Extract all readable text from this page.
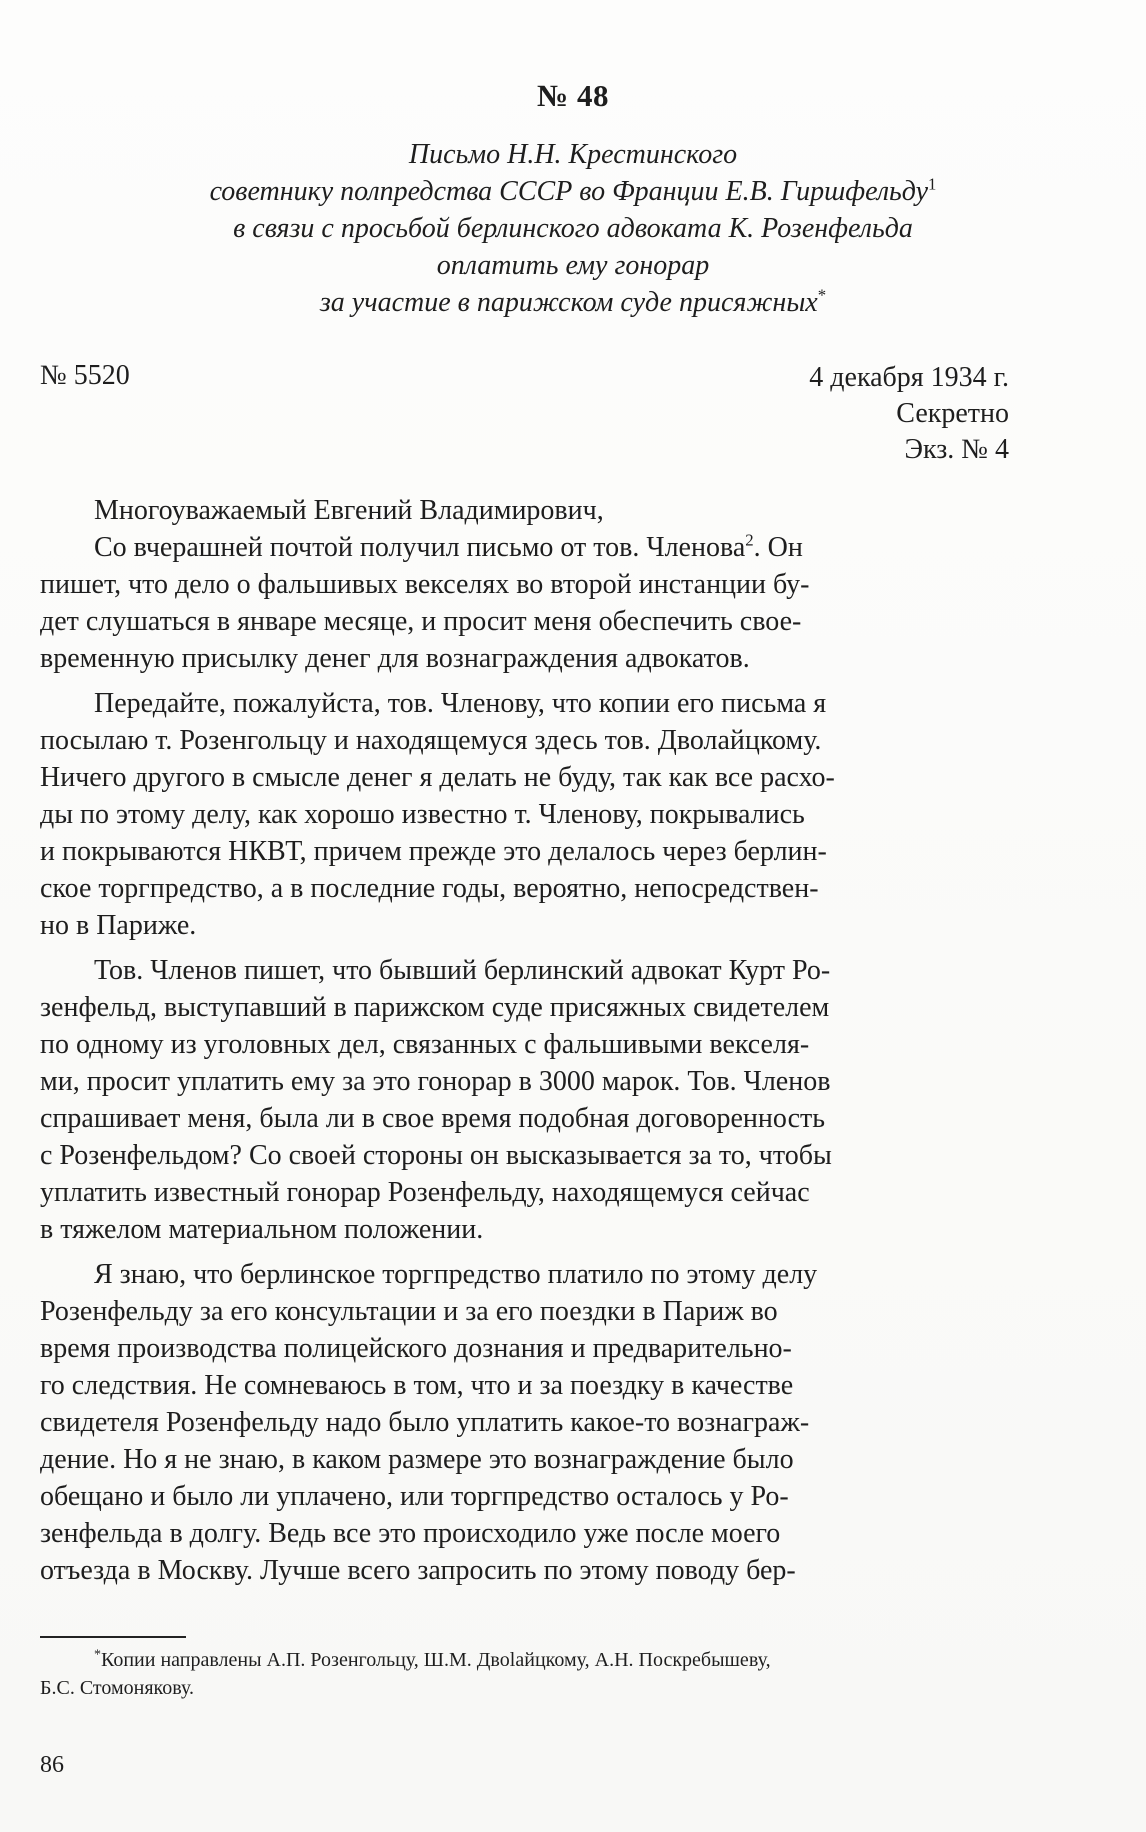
№ 48
Письмо Н.Н. Крестинского
советнику полпредства СССР во Франции Е.В. Гиршфельду$^1$
в связи с просьбой берлинского адвоката К. Розенфельда
оплатить ему гонорар
за участие в парижском суде присяжных*
№ 5520	4 декабря 1934 г.
Секретно
Экз. № 4

Многоуважаемый Евгений Владимирович,

Со вчерашней почтой получил письмо от тов. Членова$^2$. Он
пишет, что дело о фальшивых векселях во второй инстанции бу-
дет слушаться в январе месяце, и просит меня обеспечить свое-
временную присылку денег для вознаграждения адвокатов.

Передайте, пожалуйста, тов. Членову, что копии его письма я
посылаю т. Розенгольцу и находящемуся здесь тов. Дволайцкому.
Ничего другого в смысле денег я делать не буду, так как все расхо-
ды по этому делу, как хорошо известно т. Членову, покрывались
и покрываются НКВТ, причем прежде это делалось через берлин-
ское торгпредство, а в последние годы, вероятно, непосредствен-
но в Париже.

Тов. Членов пишет, что бывший берлинский адвокат Курт Ро-
зенфельд, выступавший в парижском суде присяжных свидетелем
по одному из уголовных дел, связанных с фальшивыми векселя-
ми, просит уплатить ему за это гонорар в 3000 марок. Тов. Членов
спрашивает меня, была ли в свое время подобная договоренность
с Розенфельдом? Со своей стороны он высказывается за то, чтобы
уплатить известный гонорар Розенфельду, находящемуся сейчас
в тяжелом материальном положении.

Я знаю, что берлинское торгпредство платило по этому делу
Розенфельду за его консультации и за его поездки в Париж во
время производства полицейского дознания и предварительно-
го следствия. Не сомневаюсь в том, что и за поездку в качестве
свидетеля Розенфельду надо было уплатить какое-то вознаграж-
дение. Но я не знаю, в каком размере это вознаграждение было
обещано и было ли уплачено, или торгпредство осталось у Ро-
зенфельда в долгу. Ведь все это происходило уже после моего
отъезда в Москву. Лучше всего запросить по этому поводу бер-

*Копии направлены А.П. Розенгольцу, Ш.М. Двolaйцкому, А.Н. Поскребышеву,
Б.С. Стомонякову.
86
